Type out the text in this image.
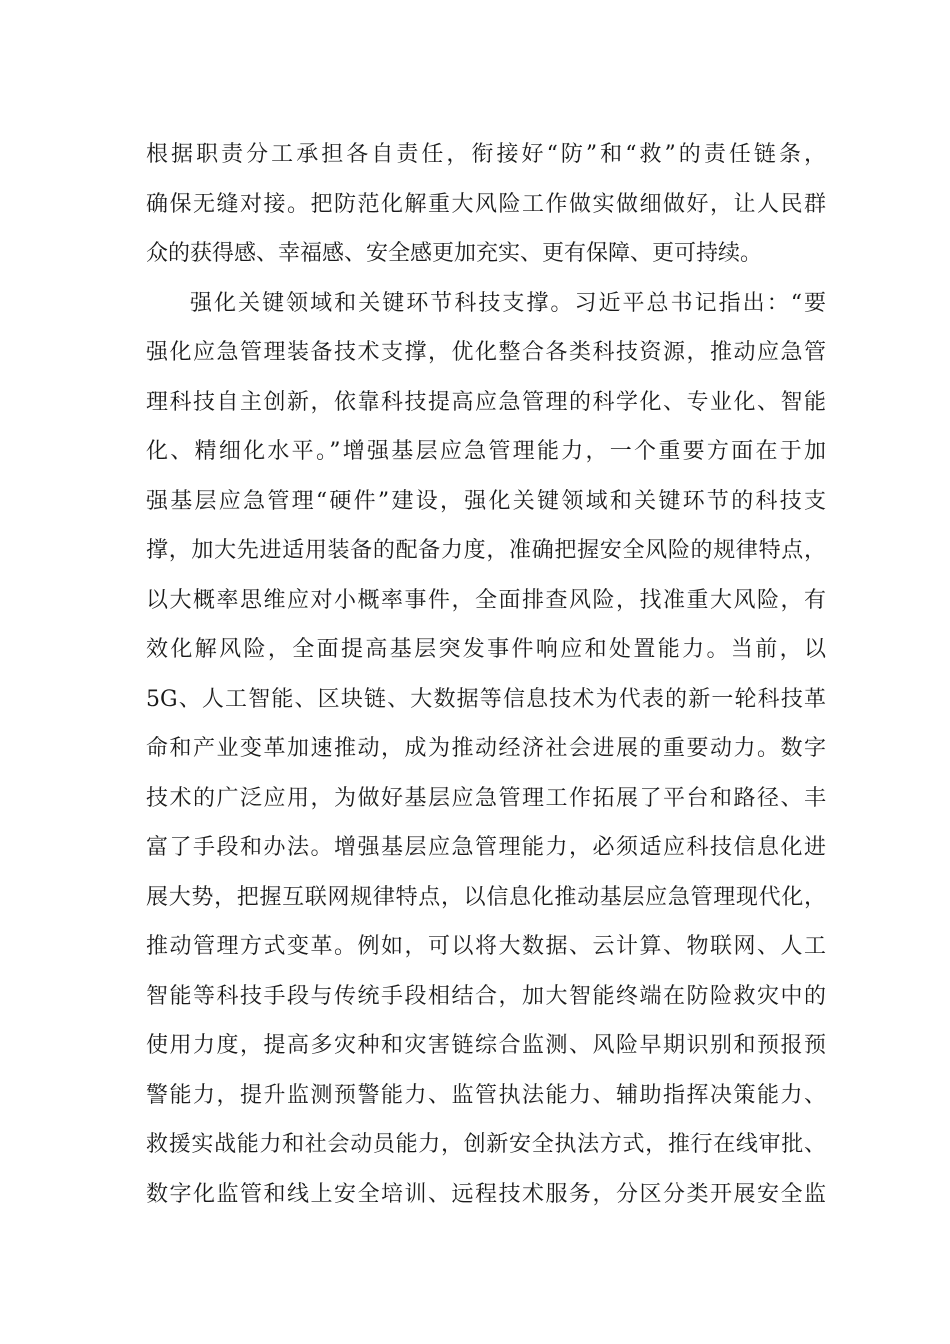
根据职责分工承担各自责任，衔接好“防”和“救”的责任链条，
确保无缝对接。把防范化解重大风险工作做实做细做好，让人民群
众的获得感、幸福感、安全感更加充实、更有保障、更可持续。
强化关键领域和关键环节科技支撑。习近平总书记指出：“要
强化应急管理装备技术支撑，优化整合各类科技资源，推动应急管
理科技自主创新，依靠科技提高应急管理的科学化、专业化、智能
化、精细化水平。”增强基层应急管理能力，一个重要方面在于加
强基层应急管理“硬件”建设，强化关键领域和关键环节的科技支
撑，加大先进适用装备的配备力度，准确把握安全风险的规律特点，
以大概率思维应对小概率事件，全面排查风险，找准重大风险，有
效化解风险，全面提高基层突发事件响应和处置能力。当前，以
5G、人工智能、区块链、大数据等信息技术为代表的新一轮科技革
命和产业变革加速推动，成为推动经济社会进展的重要动力。数字
技术的广泛应用，为做好基层应急管理工作拓展了平台和路径、丰
富了手段和办法。增强基层应急管理能力，必须适应科技信息化进
展大势，把握互联网规律特点，以信息化推动基层应急管理现代化，
推动管理方式变革。例如，可以将大数据、云计算、物联网、人工
智能等科技手段与传统手段相结合，加大智能终端在防险救灾中的
使用力度，提高多灾种和灾害链综合监测、风险早期识别和预报预
警能力，提升监测预警能力、监管执法能力、辅助指挥决策能力、
救援实战能力和社会动员能力，创新安全执法方式，推行在线审批、
数字化监管和线上安全培训、远程技术服务，分区分类开展安全监
